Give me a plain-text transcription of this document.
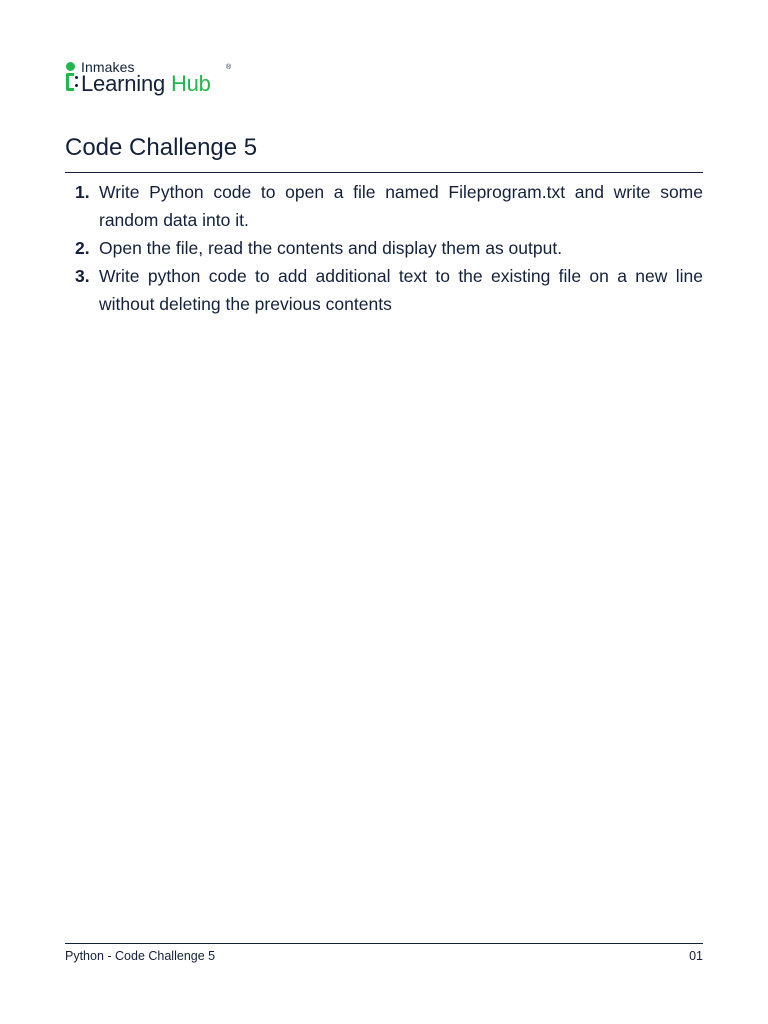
Inmakes
Learning Hub
®
Code Challenge 5
1. Write Python code to open a file named Fileprogram.txt and write some random data into it.
2. Open the file, read the contents and display them as output.
3. Write python code to add additional text to the existing file on a new line without deleting the previous contents
Python - Code Challenge 5	01
